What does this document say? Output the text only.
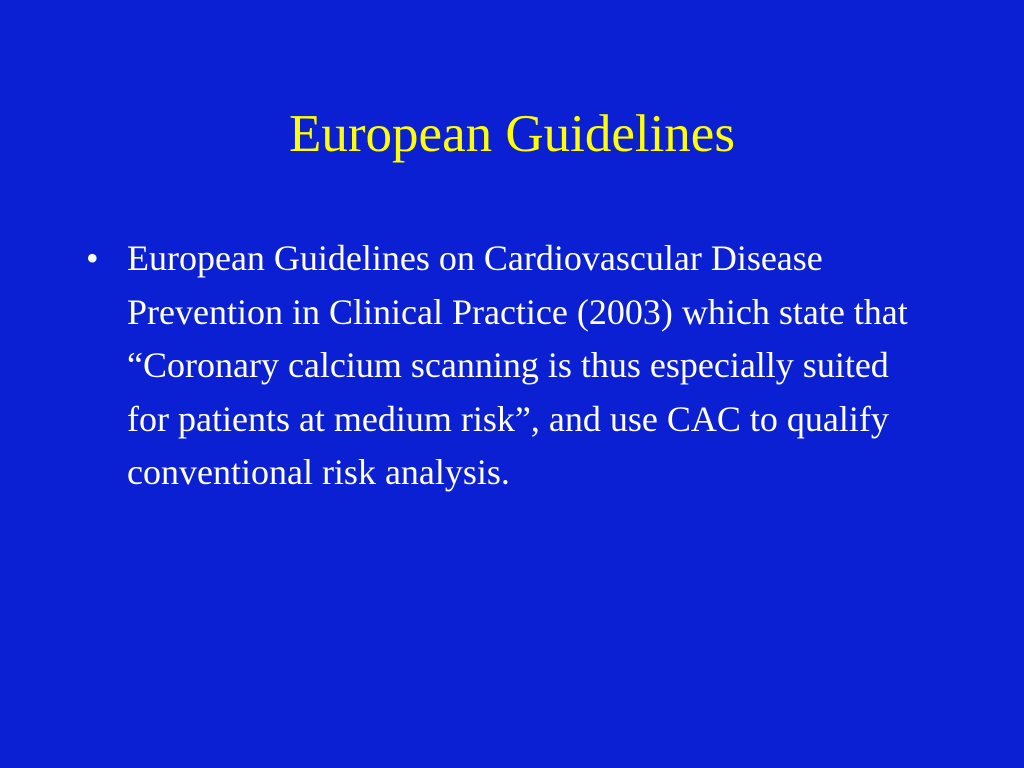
European Guidelines
• European Guidelines on Cardiovascular Disease Prevention in Clinical Practice (2003) which state that “Coronary calcium scanning is thus especially suited for patients at medium risk”, and use CAC to qualify conventional risk analysis.
